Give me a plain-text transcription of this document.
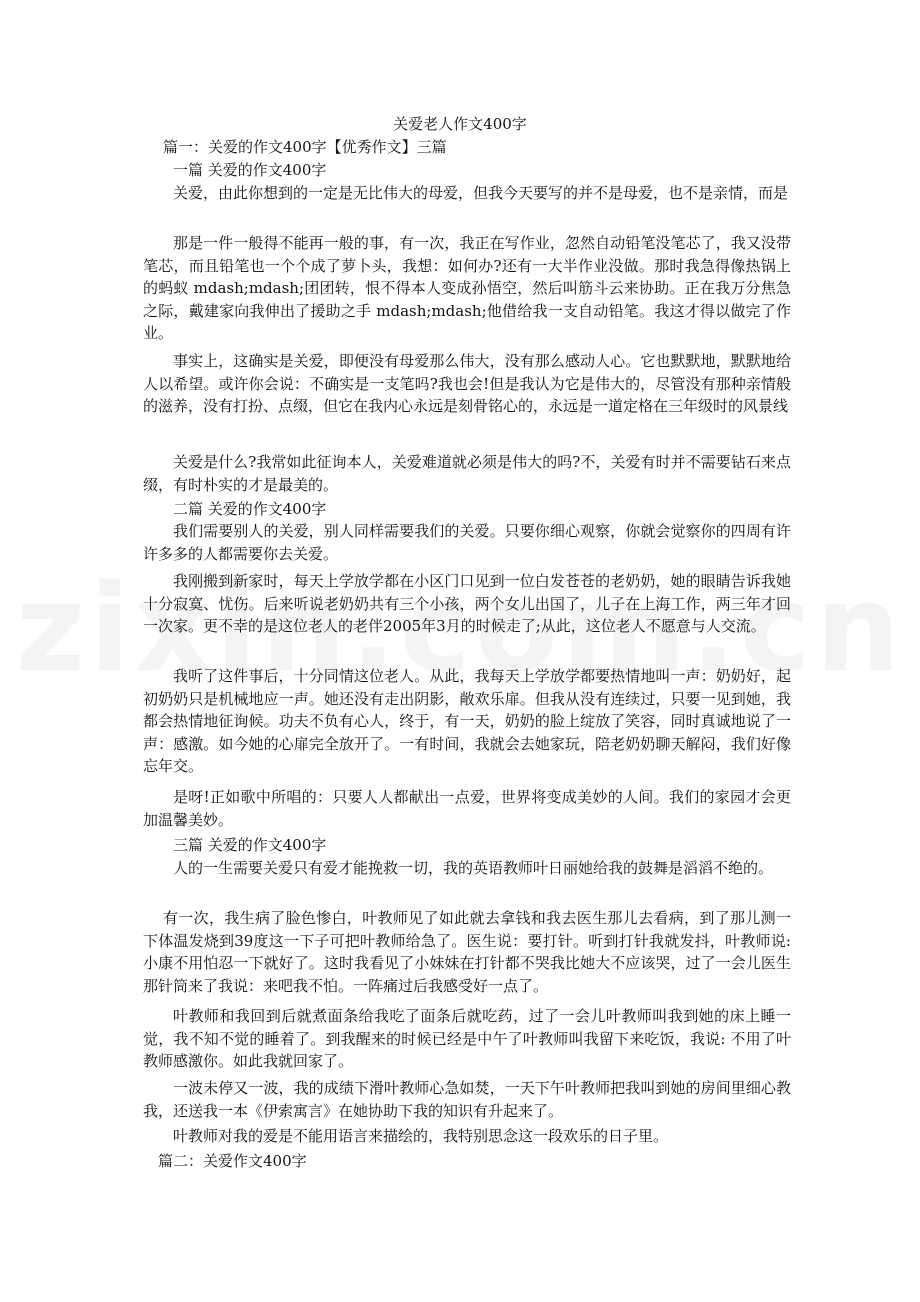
关爱老人作文400字
篇一：关爱的作文400字【优秀作文】三篇
一篇 关爱的作文400字

关爱，由此你想到的一定是无比伟大的母爱，但我今天要写的并不是母爱，也不是亲情，而是

那是一件一般得不能再一般的事，有一次，我正在写作业，忽然自动铅笔没笔芯了，我又没带笔芯，而且铅笔也一个个成了萝卜头，我想：如何办?还有一大半作业没做。那时我急得像热锅上的蚂蚁 mdash;mdash;团团转，恨不得本人变成孙悟空，然后叫筋斗云来协助。正在我万分焦急之际，戴建家向我伸出了援助之手 mdash;mdash;他借给我一支自动铅笔。我这才得以做完了作业。

事实上，这确实是关爱，即便没有母爱那么伟大，没有那么感动人心。它也默默地，默默地给人以希望。或许你会说：不确实是一支笔吗?我也会!但是我认为它是伟大的，尽管没有那种亲情般的滋养，没有打扮、点缀，但它在我内心永远是刻骨铭心的，永远是一道定格在三年级时的风景线

关爱是什么?我常如此征询本人，关爱难道就必须是伟大的吗?不，关爱有时并不需要钻石来点缀，有时朴实的才是最美的。

二篇 关爱的作文400字

我们需要别人的关爱，别人同样需要我们的关爱。只要你细心观察，你就会觉察你的四周有许许多多的人都需要你去关爱。

我刚搬到新家时，每天上学放学都在小区门口见到一位白发苍苍的老奶奶，她的眼睛告诉我她十分寂寞、忧伤。后来听说老奶奶共有三个小孩，两个女儿出国了，儿子在上海工作，两三年才回一次家。更不幸的是这位老人的老伴2005年3月的时候走了;从此，这位老人不愿意与人交流。

我听了这件事后，十分同情这位老人。从此，我每天上学放学都要热情地叫一声：奶奶好，起初奶奶只是机械地应一声。她还没有走出阴影，敞欢乐扉。但我从没有连续过，只要一见到她，我都会热情地征询候。功夫不负有心人，终于，有一天，奶奶的脸上绽放了笑容，同时真诚地说了一声：感激。如今她的心扉完全放开了。一有时间，我就会去她家玩，陪老奶奶聊天解闷，我们好像忘年交。

是呀!正如歌中所唱的：只要人人都献出一点爱，世界将变成美妙的人间。我们的家园才会更加温馨美妙。

三篇 关爱的作文400字

人的一生需要关爱只有爱才能挽救一切，我的英语教师叶日丽她给我的鼓舞是滔滔不绝的。

有一次，我生病了脸色惨白，叶教师见了如此就去拿钱和我去医生那儿去看病，到了那儿测一下体温发烧到39度这一下子可把叶教师给急了。医生说：要打针。听到打针我就发抖，叶教师说: 小康不用怕忍一下就好了。这时我看见了小妹妹在打针都不哭我比她大不应该哭，过了一会儿医生那针筒来了我说：来吧我不怕。一阵痛过后我感受好一点了。

叶教师和我回到后就煮面条给我吃了面条后就吃药，过了一会儿叶教师叫我到她的床上睡一觉，我不知不觉的睡着了。到我醒来的时候已经是中午了叶教师叫我留下来吃饭，我说: 不用了叶教师感激你。如此我就回家了。

一波未停又一波，我的成绩下滑叶教师心急如焚，一天下午叶教师把我叫到她的房间里细心教我，还送我一本《伊索寓言》在她协助下我的知识有升起来了。

叶教师对我的爱是不能用语言来描绘的，我特别思念这一段欢乐的日子里。

篇二：关爱作文400字
